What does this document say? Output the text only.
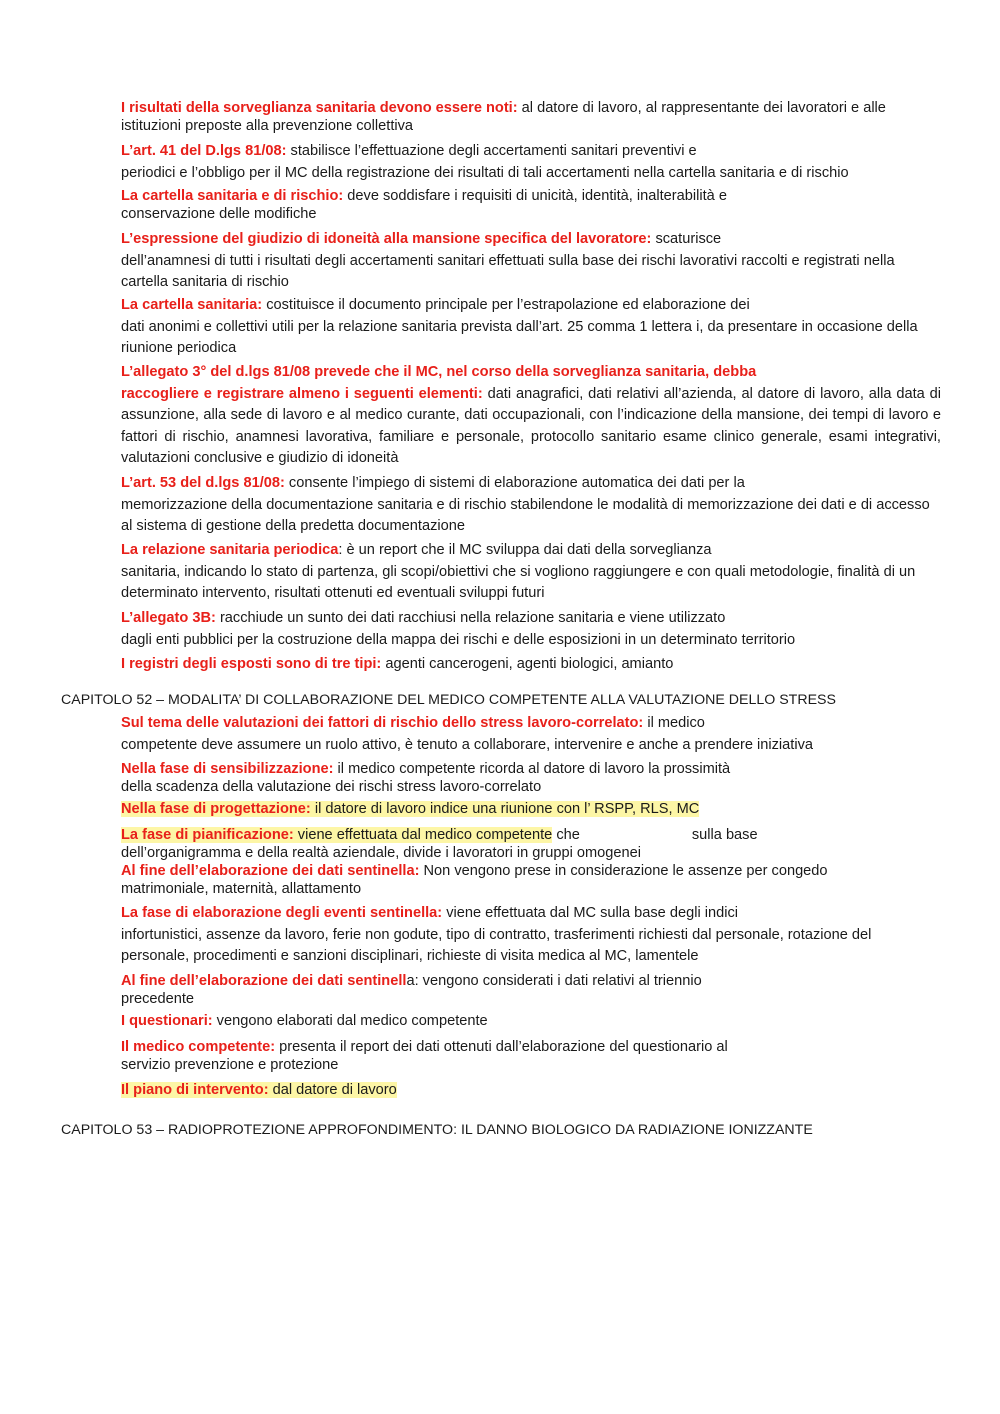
I risultati della sorveglianza sanitaria devono essere noti: al datore di lavoro, al rappresentante dei lavoratori e alle istituzioni preposte alla prevenzione collettiva

L’art. 41 del D.lgs 81/08: stabilisce l’effettuazione degli accertamenti sanitari preventivi e
periodici e l’obbligo per il MC della registrazione dei risultati di tali accertamenti nella cartella sanitaria e di rischio

La cartella sanitaria e di rischio: deve soddisfare i requisiti di unicità, identità, inalterabilità e
conservazione delle modifiche

L’espressione del giudizio di idoneità alla mansione specifica del lavoratore: scaturisce
dell’anamnesi di tutti i risultati degli accertamenti sanitari effettuati sulla base dei rischi lavorativi raccolti e registrati nella cartella sanitaria di rischio

La cartella sanitaria: costituisce il documento principale per l’estrapolazione ed elaborazione dei
dati anonimi e collettivi utili per la relazione sanitaria prevista dall’art. 25 comma 1 lettera i, da presentare in occasione della riunione periodica

L’allegato 3° del d.lgs 81/08 prevede che il MC, nel corso della sorveglianza sanitaria, debba
raccogliere e registrare almeno i seguenti elementi: dati anagrafici, dati relativi all’azienda, al datore di lavoro, alla data di assunzione, alla sede di lavoro e al medico curante, dati occupazionali, con l’indicazione della mansione, dei tempi di lavoro e fattori di rischio, anamnesi lavorativa, familiare e personale, protocollo sanitario esame clinico generale, esami integrativi, valutazioni conclusive e giudizio di idoneità

L’art. 53 del d.lgs 81/08: consente l’impiego di sistemi di elaborazione automatica dei dati per la
memorizzazione della documentazione sanitaria e di rischio stabilendone le modalità di memorizzazione dei dati e di accesso al sistema di gestione della predetta documentazione

La relazione sanitaria periodica: è un report che il MC sviluppa dai dati della sorveglianza
sanitaria, indicando lo stato di partenza, gli scopi/obiettivi che si vogliono raggiungere e con quali metodologie, finalità di un determinato intervento, risultati ottenuti ed eventuali sviluppi futuri

L’allegato 3B: racchiude un sunto dei dati racchiusi nella relazione sanitaria e viene utilizzato
dagli enti pubblici per la costruzione della mappa dei rischi e delle esposizioni in un determinato territorio

I registri degli esposti sono di tre tipi: agenti cancerogeni, agenti biologici, amianto

CAPITOLO 52 – MODALITA’ DI COLLABORAZIONE DEL MEDICO COMPETENTE ALLA VALUTAZIONE DELLO STRESS

Sul tema delle valutazioni dei fattori di rischio dello stress lavoro-correlato: il medico
competente deve assumere un ruolo attivo, è tenuto a collaborare, intervenire e anche a prendere iniziativa

Nella fase di sensibilizzazione: il medico competente ricorda al datore di lavoro la prossimità
della scadenza della valutazione dei rischi stress lavoro-correlato

Nella fase di progettazione: il datore di lavoro indice una riunione con l’ RSPP, RLS, MC

La fase di pianificazione: viene effettuata dal medico competente che	sulla base
dell’organigramma e della realtà aziendale, divide i lavoratori in gruppi omogenei

Al fine dell’elaborazione dei dati sentinella: Non vengono prese in considerazione le assenze per congedo
matrimoniale, maternità, allattamento

La fase di elaborazione degli eventi sentinella: viene effettuata dal MC sulla base degli indici
infortunistici, assenze da lavoro, ferie non godute, tipo di contratto, trasferimenti richiesti dal personale, rotazione del personale, procedimenti e sanzioni disciplinari, richieste di visita medica al MC, lamentele

Al fine dell’elaborazione dei dati sentinella: vengono considerati i dati relativi al triennio
precedente

I questionari: vengono elaborati dal medico competente

Il medico competente: presenta il report dei dati ottenuti dall’elaborazione del questionario al
servizio prevenzione e protezione

Il piano di intervento: dal datore di lavoro

CAPITOLO 53 – RADIOPROTEZIONE APPROFONDIMENTO: IL DANNO BIOLOGICO DA RADIAZIONE IONIZZANTE
